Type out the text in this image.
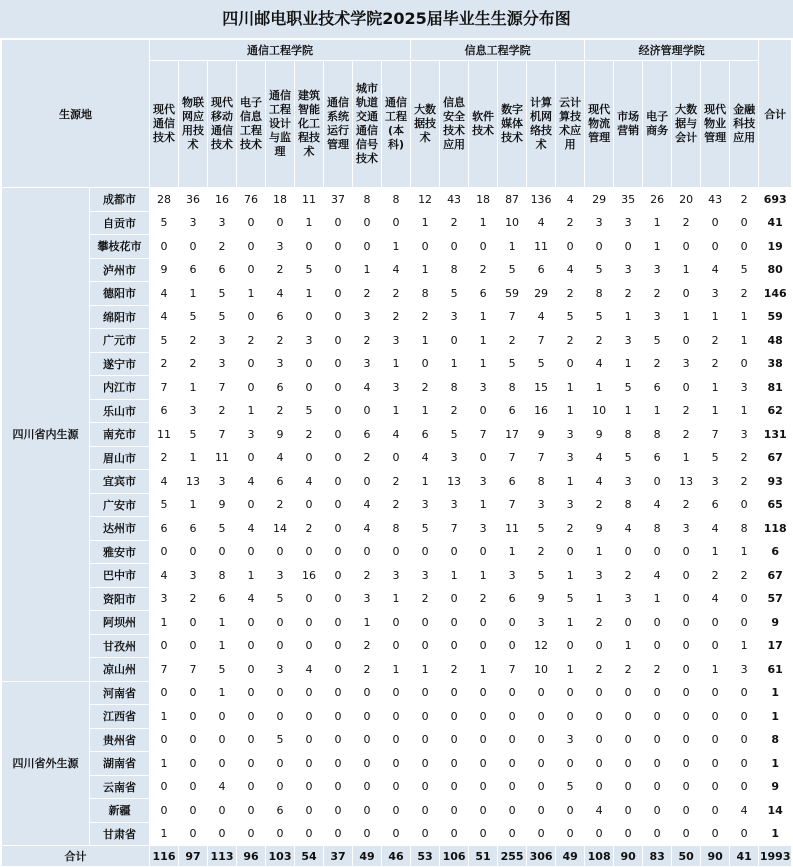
四川邮电职业技术学院2025届毕业生生源分布图
生源地		通信工程学院									信息工程学院						经济管理学院						合计

		现代通信技术	物联网应用技术	现代移动通信技术	电子信息工程技术	通信工程设计与监理	建筑智能化工程技术	通信系统运行管理	城市轨道交通通信信号技术	通信工程(本科)	大数据技术	信息安全技术应用	软件技术	数字媒体技术	计算机网络技术	云计算技术应用	现代物流管理	市场营销	电子商务	大数据与会计	现代物业管理	金融科技应用	

四川省内生源	成都市	28	36	16	76	18	11	37	8	8	12	43	18	87	136	4	29	35	26	20	43	2	693
	自贡市	5	3	3	0	0	1	0	0	0	1	2	1	10	4	2	3	3	1	2	0	0	41
	攀枝花市	0	0	2	0	3	0	0	0	1	0	0	0	1	11	0	0	0	1	0	0	0	19
	泸州市	9	6	6	0	2	5	0	1	4	1	8	2	5	6	4	5	3	3	1	4	5	80
	德阳市	4	1	5	1	4	1	0	2	2	8	5	6	59	29	2	8	2	2	0	3	2	146
	绵阳市	4	5	5	0	6	0	0	3	2	2	3	1	7	4	5	5	1	3	1	1	1	59
	广元市	5	2	3	2	2	3	0	2	3	1	0	1	2	7	2	2	3	5	0	2	1	48
	遂宁市	2	2	3	0	3	0	0	3	1	0	1	1	5	5	0	4	1	2	3	2	0	38
	内江市	7	1	7	0	6	0	0	4	3	2	8	3	8	15	1	1	5	6	0	1	3	81
	乐山市	6	3	2	1	2	5	0	0	1	1	2	0	6	16	1	10	1	1	2	1	1	62
	南充市	11	5	7	3	9	2	0	6	4	6	5	7	17	9	3	9	8	8	2	7	3	131
	眉山市	2	1	11	0	4	0	0	2	0	4	3	0	7	7	3	4	5	6	1	5	2	67
	宜宾市	4	13	3	4	6	4	0	0	2	1	13	3	6	8	1	4	3	0	13	3	2	93
	广安市	5	1	9	0	2	0	0	4	2	3	3	1	7	3	3	2	8	4	2	6	0	65
	达州市	6	6	5	4	14	2	0	4	8	5	7	3	11	5	2	9	4	8	3	4	8	118
	雅安市	0	0	0	0	0	0	0	0	0	0	0	0	1	2	0	1	0	0	0	1	1	6
	巴中市	4	3	8	1	3	16	0	2	3	3	1	1	3	5	1	3	2	4	0	2	2	67
	资阳市	3	2	6	4	5	0	0	3	1	2	0	2	6	9	5	1	3	1	0	4	0	57
	阿坝州	1	0	1	0	0	0	0	1	0	0	0	0	0	3	1	2	0	0	0	0	0	9
	甘孜州	0	0	1	0	0	0	0	2	0	0	0	0	0	12	0	0	1	0	0	0	1	17
	凉山州	7	7	5	0	3	4	0	2	1	1	2	1	7	10	1	2	2	2	0	1	3	61
四川省外生源	河南省	0	0	1	0	0	0	0	0	0	0	0	0	0	0	0	0	0	0	0	0	0	1
	江西省	1	0	0	0	0	0	0	0	0	0	0	0	0	0	0	0	0	0	0	0	0	1
	贵州省	0	0	0	0	5	0	0	0	0	0	0	0	0	0	3	0	0	0	0	0	0	8
	湖南省	1	0	0	0	0	0	0	0	0	0	0	0	0	0	0	0	0	0	0	0	0	1
	云南省	0	0	4	0	0	0	0	0	0	0	0	0	0	0	5	0	0	0	0	0	0	9
	新疆	0	0	0	0	6	0	0	0	0	0	0	0	0	0	0	4	0	0	0	0	4	14
	甘肃省	1	0	0	0	0	0	0	0	0	0	0	0	0	0	0	0	0	0	0	0	0	1
合计		116	97	113	96	103	54	37	49	46	53	106	51	255	306	49	108	90	83	50	90	41	1993
